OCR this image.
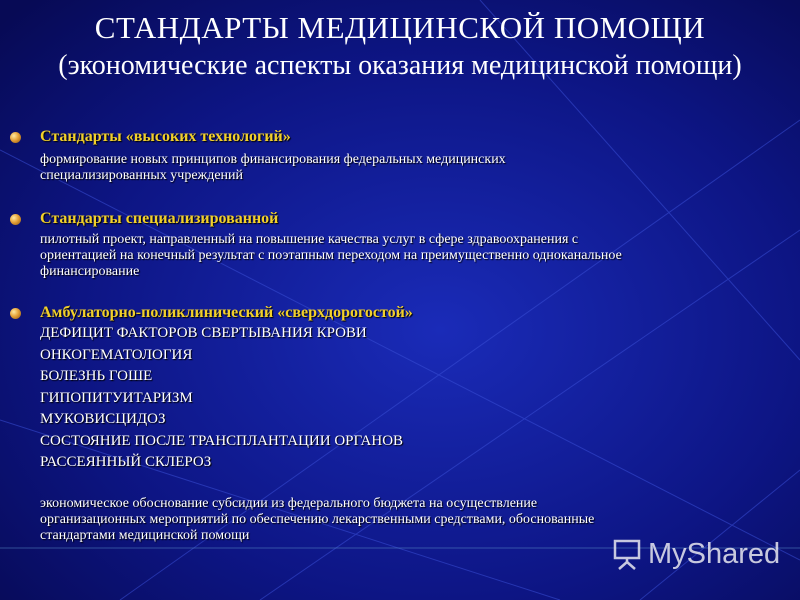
СТАНДАРТЫ МЕДИЦИНСКОЙ ПОМОЩИ
(экономические аспекты оказания медицинской помощи)
Стандарты «высоких технологий»

формирование новых принципов финансирования федеральных медицинских

специализированных учреждений

Стандарты специализированной

пилотный проект, направленный на повышение качества услуг в сфере здравоохранения с

ориентацией на конечный результат с поэтапным переходом на преимущественно одноканальное

финансирование

Амбулаторно-поликлинический «сверхдорогостой»
ДЕФИЦИТ ФАКТОРОВ СВЕРТЫВАНИЯ КРОВИ
ОНКОГЕМАТОЛОГИЯ
БОЛЕЗНЬ ГОШЕ
ГИПОПИТУИТАРИЗМ
МУКОВИСЦИДОЗ
СОСТОЯНИЕ ПОСЛЕ ТРАНСПЛАНТАЦИИ ОРГАНОВ
РАССЕЯННЫЙ СКЛЕРОЗ

экономическое обоснование субсидии из федерального бюджета на осуществление

организационных мероприятий по обеспечению лекарственными средствами, обоснованные

стандартами медицинской помощи

MyShared
